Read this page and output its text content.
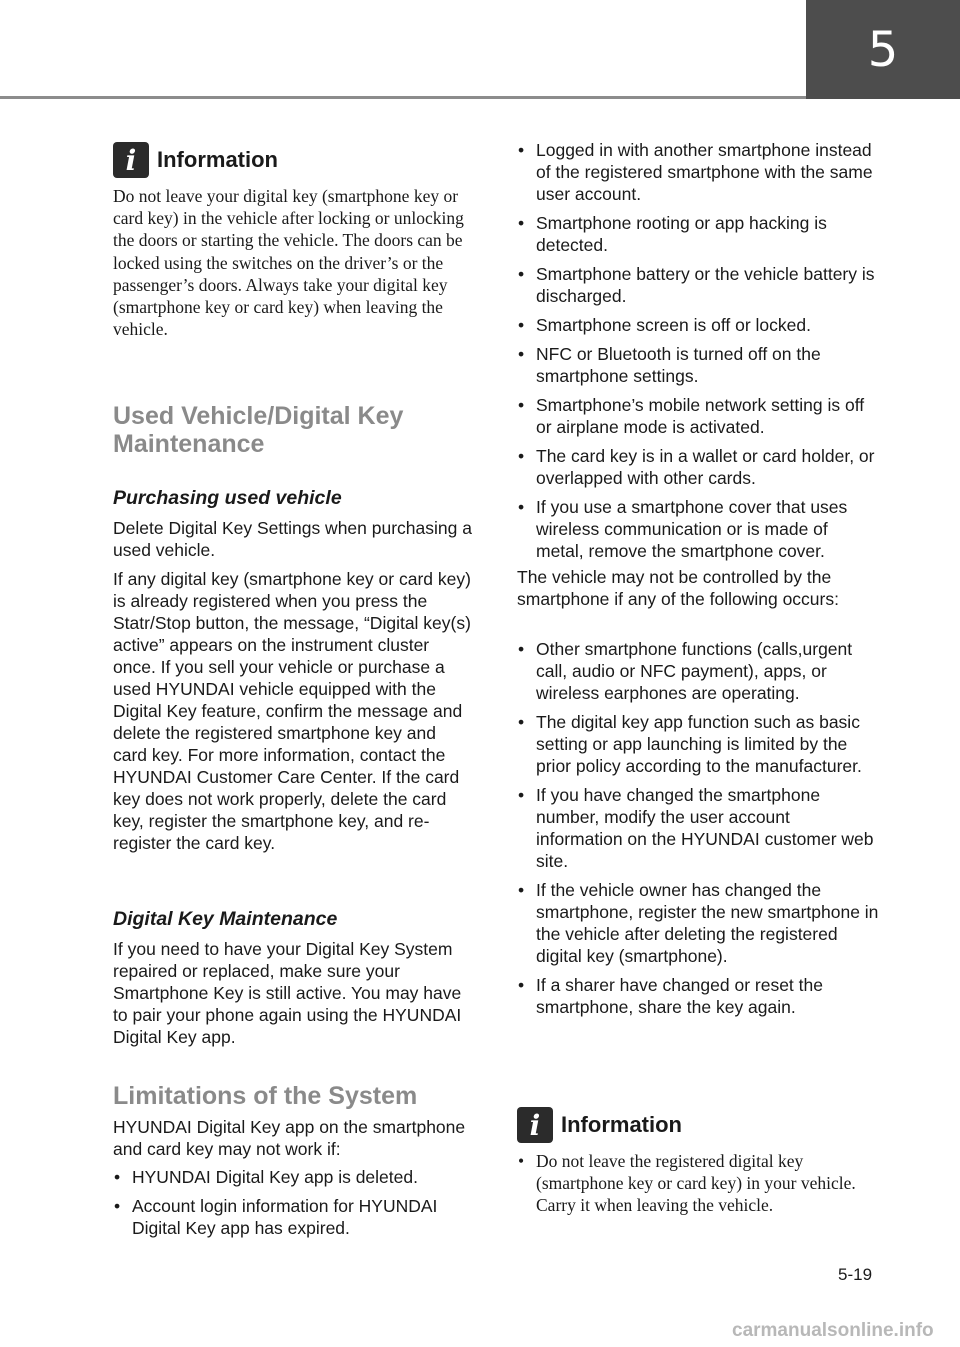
5
i Information
Do not leave your digital key (smartphone key or card key) in the vehicle after locking or unlocking the doors or starting the vehicle. The doors can be locked using the switches on the driver’s or the passenger’s doors. Always take your digital key (smartphone key or card key) when leaving the vehicle.
Used Vehicle/Digital Key
Maintenance
Purchasing used vehicle
Delete Digital Key Settings when purchasing a used vehicle.
If any digital key (smartphone key or card key) is already registered when you press the Statr/Stop button, the message, “Digital key(s) active” appears on the instrument cluster once. If you sell your vehicle or purchase a used HYUNDAI vehicle equipped with the Digital Key feature, confirm the message and delete the registered smartphone key and card key. For more information, contact the HYUNDAI Customer Care Center. If the card key does not work properly, delete the card key, register the smartphone key, and re-register the card key.
Digital Key Maintenance
If you need to have your Digital Key System repaired or replaced, make sure your Smartphone Key is still active. You may have to pair your phone again using the HYUNDAI Digital Key app.
Limitations of the System
HYUNDAI Digital Key app on the smartphone and card key may not work if:
• HYUNDAI Digital Key app is deleted.
• Account login information for HYUNDAI Digital Key app has expired.
• Logged in with another smartphone instead of the registered smartphone with the same user account.
• Smartphone rooting or app hacking is detected.
• Smartphone battery or the vehicle battery is discharged.
• Smartphone screen is off or locked.
• NFC or Bluetooth is turned off on the smartphone settings.
• Smartphone’s mobile network setting is off or airplane mode is activated.
• The card key is in a wallet or card holder, or overlapped with other cards.
• If you use a smartphone cover that uses wireless communication or is made of metal, remove the smartphone cover.
The vehicle may not be controlled by the smartphone if any of the following occurs:
• Other smartphone functions (calls,urgent call, audio or NFC payment), apps, or wireless earphones are operating.
• The digital key app function such as basic setting or app launching is limited by the prior policy according to the manufacturer.
• If you have changed the smartphone number, modify the user account information on the HYUNDAI customer web site.
• If the vehicle owner has changed the smartphone, register the new smartphone in the vehicle after deleting the registered digital key (smartphone).
• If a sharer have changed or reset the smartphone, share the key again.
i Information
• Do not leave the registered digital key (smartphone key or card key) in your vehicle. Carry it when leaving the vehicle.
5-19
carmanualsonline.info
